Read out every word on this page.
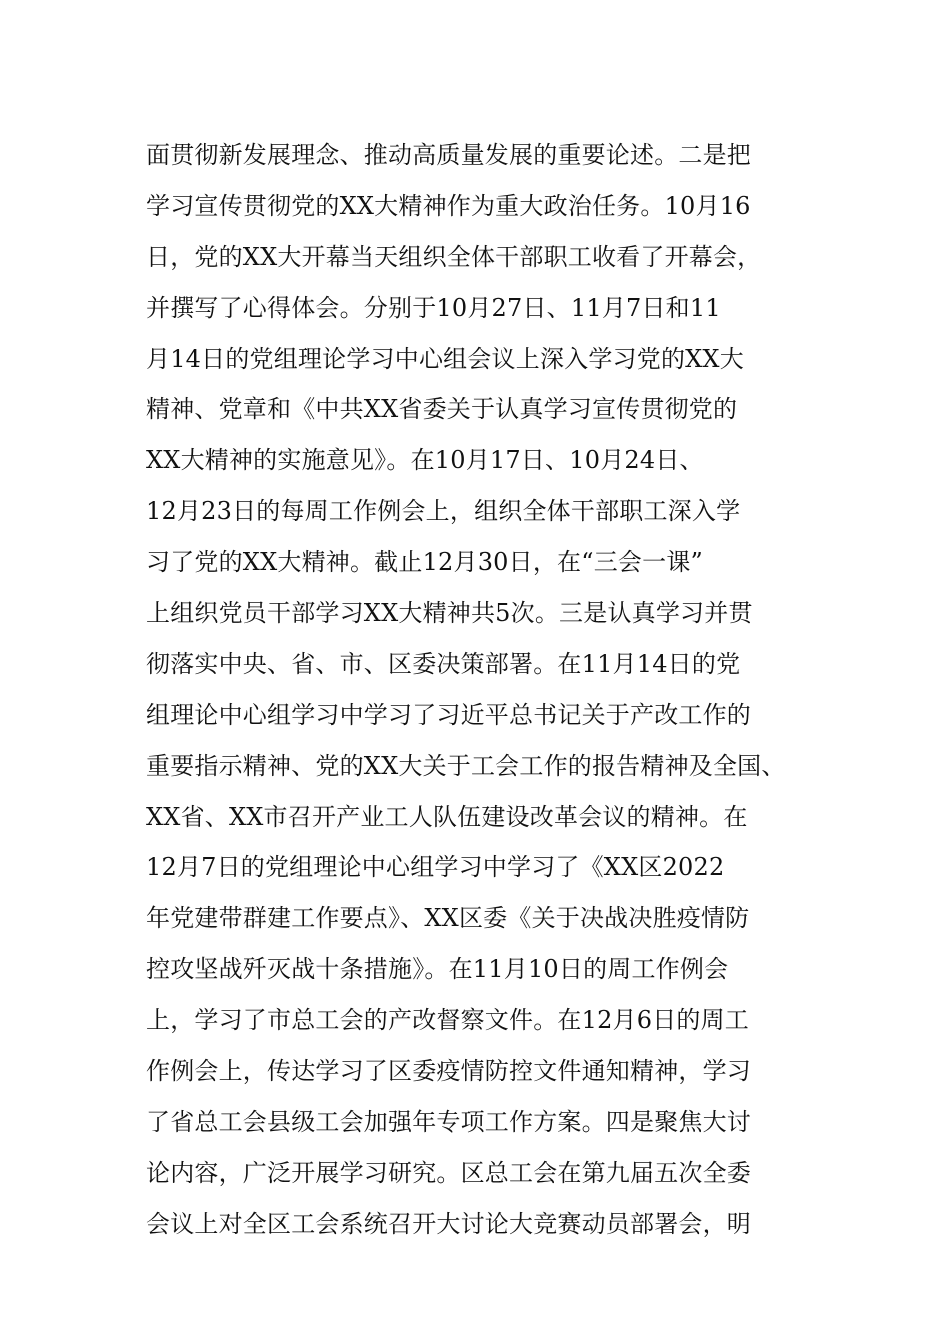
面贯彻新发展理念、推动高质量发展的重要论述。二是把
学习宣传贯彻党的XX大精神作为重大政治任务。10月16
日，党的XX大开幕当天组织全体干部职工收看了开幕会，
并撰写了心得体会。分别于10月27日、11月7日和11
月14日的党组理论学习中心组会议上深入学习党的XX大
精神、党章和《中共XX省委关于认真学习宣传贯彻党的
XX大精神的实施意见》。在10月17日、10月24日、
12月23日的每周工作例会上，组织全体干部职工深入学
习了党的XX大精神。截止12月30日，在“三会一课”
上组织党员干部学习XX大精神共5次。三是认真学习并贯
彻落实中央、省、市、区委决策部署。在11月14日的党
组理论中心组学习中学习了习近平总书记关于产改工作的
重要指示精神、党的XX大关于工会工作的报告精神及全国、
XX省、XX市召开产业工人队伍建设改革会议的精神。在
12月7日的党组理论中心组学习中学习了《XX区2022
年党建带群建工作要点》、XX区委《关于决战决胜疫情防
控攻坚战歼灭战十条措施》。在11月10日的周工作例会
上，学习了市总工会的产改督察文件。在12月6日的周工
作例会上，传达学习了区委疫情防控文件通知精神，学习
了省总工会县级工会加强年专项工作方案。四是聚焦大讨
论内容，广泛开展学习研究。区总工会在第九届五次全委
会议上对全区工会系统召开大讨论大竞赛动员部署会，明
